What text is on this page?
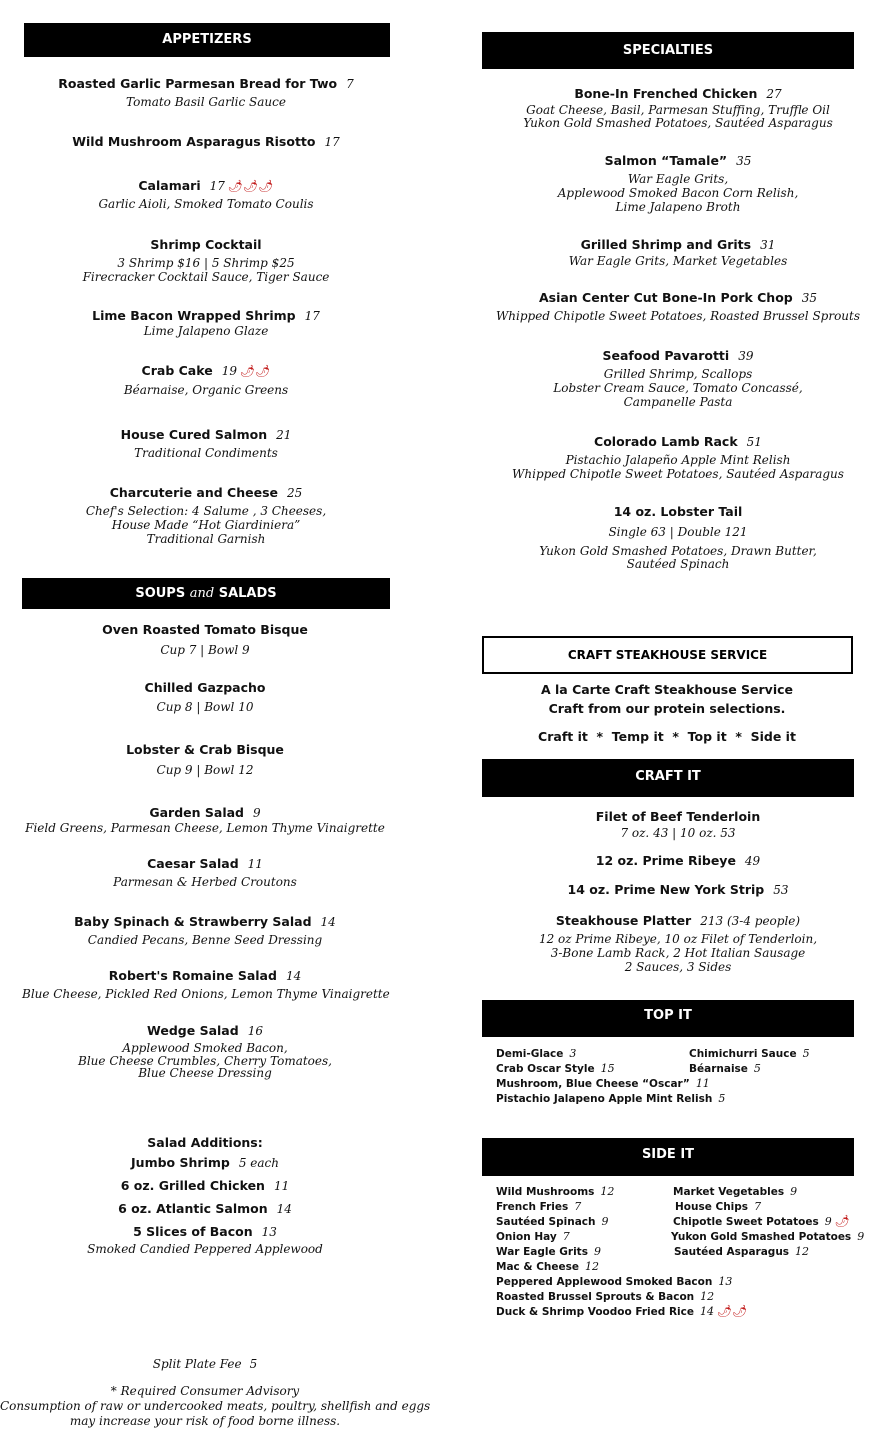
APPETIZERS
Roasted Garlic Parmesan Bread for Two 7
Tomato Basil Garlic Sauce
Wild Mushroom Asparagus Risotto 17
Calamari 17 🌶🌶🌶
Garlic Aioli, Smoked Tomato Coulis
Shrimp Cocktail
3 Shrimp $16 | 5 Shrimp $25
Firecracker Cocktail Sauce, Tiger Sauce
Lime Bacon Wrapped Shrimp 17
Lime Jalapeno Glaze
Crab Cake 19 🌶🌶
Béarnaise, Organic Greens
House Cured Salmon 21
Traditional Condiments
Charcuterie and Cheese 25
Chef's Selection: 4 Salume , 3 Cheeses,
House Made “Hot Giardiniera”
Traditional Garnish
SOUPS and SALADS
Oven Roasted Tomato Bisque
Cup 7 | Bowl 9
Chilled Gazpacho
Cup 8 | Bowl 10
Lobster & Crab Bisque
Cup 9 | Bowl 12
Garden Salad 9
Field Greens, Parmesan Cheese, Lemon Thyme Vinaigrette
Caesar Salad 11
Parmesan & Herbed Croutons
Baby Spinach & Strawberry Salad 14
Candied Pecans, Benne Seed Dressing
Robert's Romaine Salad 14
Blue Cheese, Pickled Red Onions, Lemon Thyme Vinaigrette
Wedge Salad 16
Applewood Smoked Bacon,
Blue Cheese Crumbles, Cherry Tomatoes,
Blue Cheese Dressing
Salad Additions:
Jumbo Shrimp 5 each
6 oz. Grilled Chicken 11
6 oz. Atlantic Salmon 14
5 Slices of Bacon 13
Smoked Candied Peppered Applewood
Split Plate Fee 5
* Required Consumer Advisory
Consumption of raw or undercooked meats, poultry, shellfish and eggs
may increase your risk of food borne illness.
SPECIALTIES
Bone-In Frenched Chicken 27
Goat Cheese, Basil, Parmesan Stuffing, Truffle Oil
Yukon Gold Smashed Potatoes, Sautéed Asparagus
Salmon “Tamale” 35
War Eagle Grits,
Applewood Smoked Bacon Corn Relish,
Lime Jalapeno Broth
Grilled Shrimp and Grits 31
War Eagle Grits, Market Vegetables
Asian Center Cut Bone-In Pork Chop 35
Whipped Chipotle Sweet Potatoes, Roasted Brussel Sprouts
Seafood Pavarotti 39
Grilled Shrimp, Scallops
Lobster Cream Sauce, Tomato Concassé,
Campanelle Pasta
Colorado Lamb Rack 51
Pistachio Jalapeño Apple Mint Relish
Whipped Chipotle Sweet Potatoes, Sautéed Asparagus
14 oz. Lobster Tail
Single 63 | Double 121
Yukon Gold Smashed Potatoes, Drawn Butter,
Sautéed Spinach
CRAFT STEAKHOUSE SERVICE
A la Carte Craft Steakhouse Service
Craft from our protein selections.
Craft it  *  Temp it  *  Top it  *  Side it
CRAFT IT
Filet of Beef Tenderloin
7 oz. 43 | 10 oz. 53
12 oz. Prime Ribeye 49
14 oz. Prime New York Strip 53
Steakhouse Platter 213 (3-4 people)
12 oz Prime Ribeye, 10 oz Filet of Tenderloin,
3-Bone Lamb Rack, 2 Hot Italian Sausage
2 Sauces, 3 Sides
TOP IT
Demi-Glace 3
Crab Oscar Style 15
Mushroom, Blue Cheese “Oscar” 11
Pistachio Jalapeno Apple Mint Relish 5
Chimichurri Sauce 5
Béarnaise 5
SIDE IT
Wild Mushrooms 12
French Fries 7
Sautéed Spinach 9
Onion Hay 7
War Eagle Grits 9
Mac & Cheese 12
Peppered Applewood Smoked Bacon 13
Roasted Brussel Sprouts & Bacon 12
Duck & Shrimp Voodoo Fried Rice 14 🌶🌶
Market Vegetables 9
House Chips 7
Chipotle Sweet Potatoes 9 🌶
Yukon Gold Smashed Potatoes 9
Sautéed Asparagus 12
